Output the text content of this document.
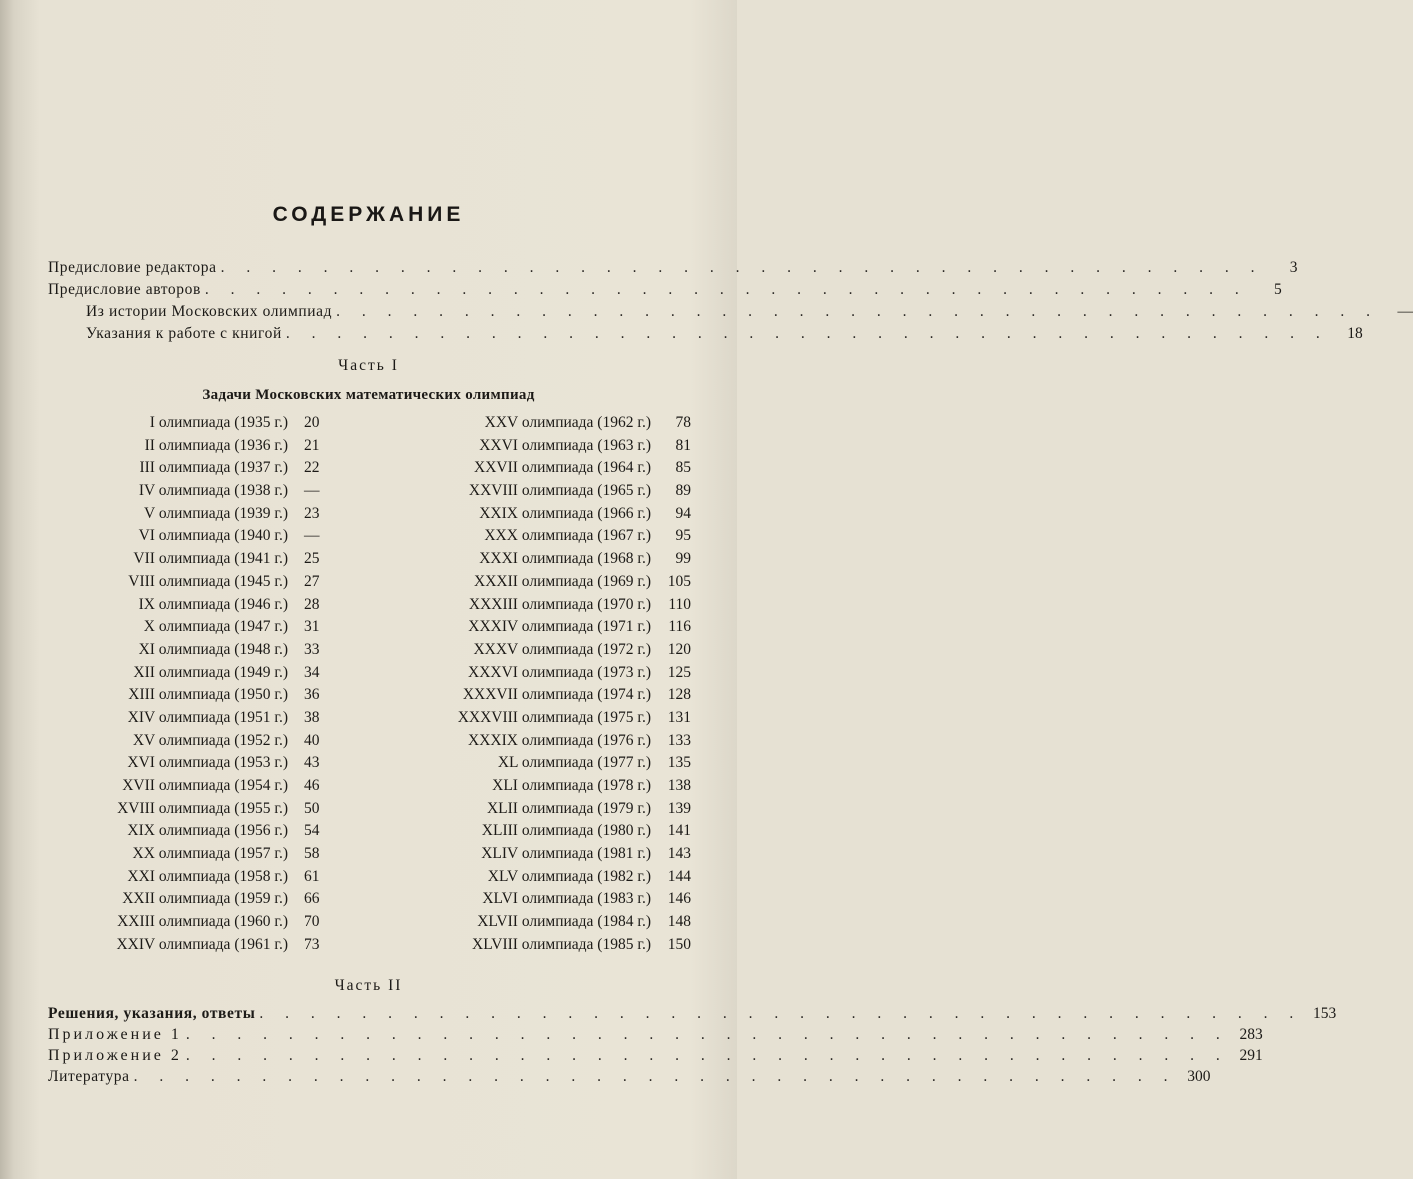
СОДЕРЖАНИЕ
Предисловие редактора . . . . . . . . . . . . . . . . . . . . . . . . . . . . . . . . . . . . . . . . .	3
Предисловие авторов . . . . . . . . . . . . . . . . . . . . . . . . . . . . . . . . . . . . . . . . .	5
Из истории Московских олимпиад . . . . . . . . . . . . . . . . . . . . . . . . . . . . . . . . . . . . . . . . .	—
Указания к работе с книгой . . . . . . . . . . . . . . . . . . . . . . . . . . . . . . . . . . . . . . . . .	18
Часть I
Задачи Московских математических олимпиад
I олимпиада (1935 г.)	20
II олимпиада (1936 г.)	21
III олимпиада (1937 г.)	22
IV олимпиада (1938 г.)	—
V олимпиада (1939 г.)	23
VI олимпиада (1940 г.)	—
VII олимпиада (1941 г.)	25
VIII олимпиада (1945 г.)	27
IX олимпиада (1946 г.)	28
X олимпиада (1947 г.)	31
XI олимпиада (1948 г.)	33
XII олимпиада (1949 г.)	34
XIII олимпиада (1950 г.)	36
XIV олимпиада (1951 г.)	38
XV олимпиада (1952 г.)	40
XVI олимпиада (1953 г.)	43
XVII олимпиада (1954 г.)	46
XVIII олимпиада (1955 г.)	50
XIX олимпиада (1956 г.)	54
XX олимпиада (1957 г.)	58
XXI олимпиада (1958 г.)	61
XXII олимпиада (1959 г.)	66
XXIII олимпиада (1960 г.)	70
XXIV олимпиада (1961 г.)	73
XXV олимпиада (1962 г.)	78
XXVI олимпиада (1963 г.)	81
XXVII олимпиада (1964 г.)	85
XXVIII олимпиада (1965 г.)	89
XXIX олимпиада (1966 г.)	94
XXX олимпиада (1967 г.)	95
XXXI олимпиада (1968 г.)	99
XXXII олимпиада (1969 г.)	105
XXXIII олимпиада (1970 г.)	110
XXXIV олимпиада (1971 г.)	116
XXXV олимпиада (1972 г.)	120
XXXVI олимпиада (1973 г.)	125
XXXVII олимпиада (1974 г.)	128
XXXVIII олимпиада (1975 г.)	131
XXXIX олимпиада (1976 г.)	133
XL олимпиада (1977 г.)	135
XLI олимпиада (1978 г.)	138
XLII олимпиада (1979 г.)	139
XLIII олимпиада (1980 г.)	141
XLIV олимпиада (1981 г.)	143
XLV олимпиада (1982 г.)	144
XLVI олимпиада (1983 г.)	146
XLVII олимпиада (1984 г.)	148
XLVIII олимпиада (1985 г.)	150
Часть II
Решения, указания, ответы . . . . . . . . . . . . . . . . . . . . . . . . . . . . . . . . . . . . . . . . . 153
Приложение 1 . . . . . . . . . . . . . . . . . . . . . . . . . . . . . . . . . . . . . . . . . 283
Приложение 2 . . . . . . . . . . . . . . . . . . . . . . . . . . . . . . . . . . . . . . . . . 291
Литература . . . . . . . . . . . . . . . . . . . . . . . . . . . . . . . . . . . . . . . . . 300
